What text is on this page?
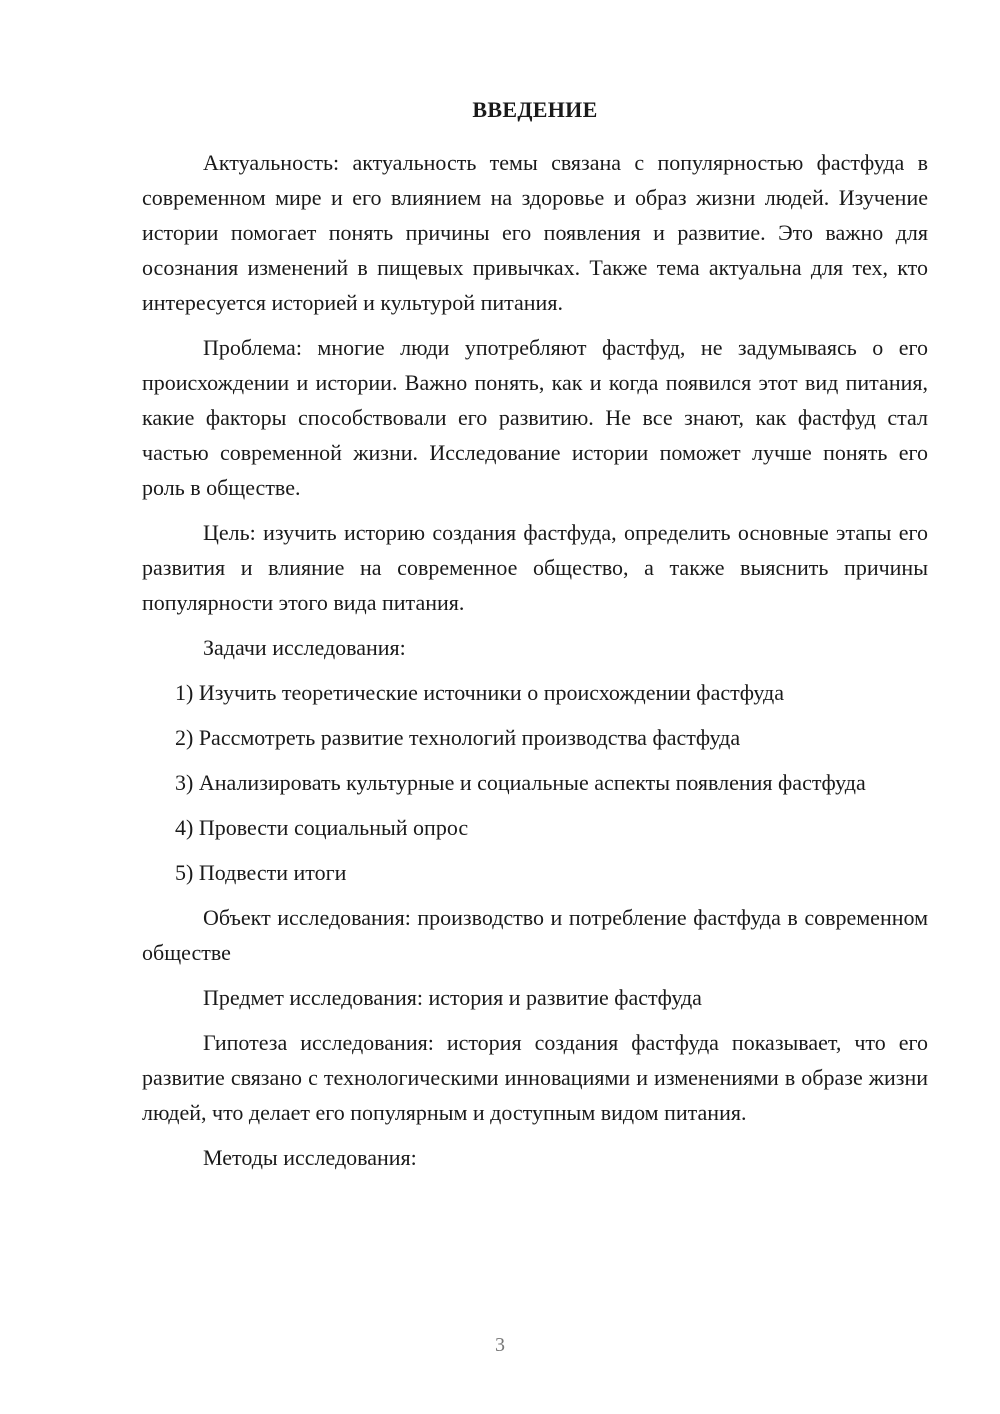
ВВЕДЕНИЕ

Актуальность: актуальность темы связана с популярностью фастфуда в современном мире и его влиянием на здоровье и образ жизни людей. Изучение истории помогает понять причины его появления и развитие. Это важно для осознания изменений в пищевых привычках. Также тема актуальна для тех, кто интересуется историей и культурой питания.

Проблема: многие люди употребляют фастфуд, не задумываясь о его происхождении и истории. Важно понять, как и когда появился этот вид питания, какие факторы способствовали его развитию. Не все знают, как фастфуд стал частью современной жизни. Исследование истории поможет лучше понять его роль в обществе.

Цель: изучить историю создания фастфуда, определить основные этапы его развития и влияние на современное общество, а также выяснить причины популярности этого вида питания.

Задачи исследования:

1) Изучить теоретические источники о происхождении фастфуда

2) Рассмотреть развитие технологий производства фастфуда

3) Анализировать культурные и социальные аспекты появления фастфуда

4) Провести социальный опрос

5) Подвести итоги

Объект исследования: производство и потребление фастфуда в современном обществе

Предмет исследования: история и развитие фастфуда

Гипотеза исследования: история создания фастфуда показывает, что его развитие связано с технологическими инновациями и изменениями в образе жизни людей, что делает его популярным и доступным видом питания.

Методы исследования:

3
